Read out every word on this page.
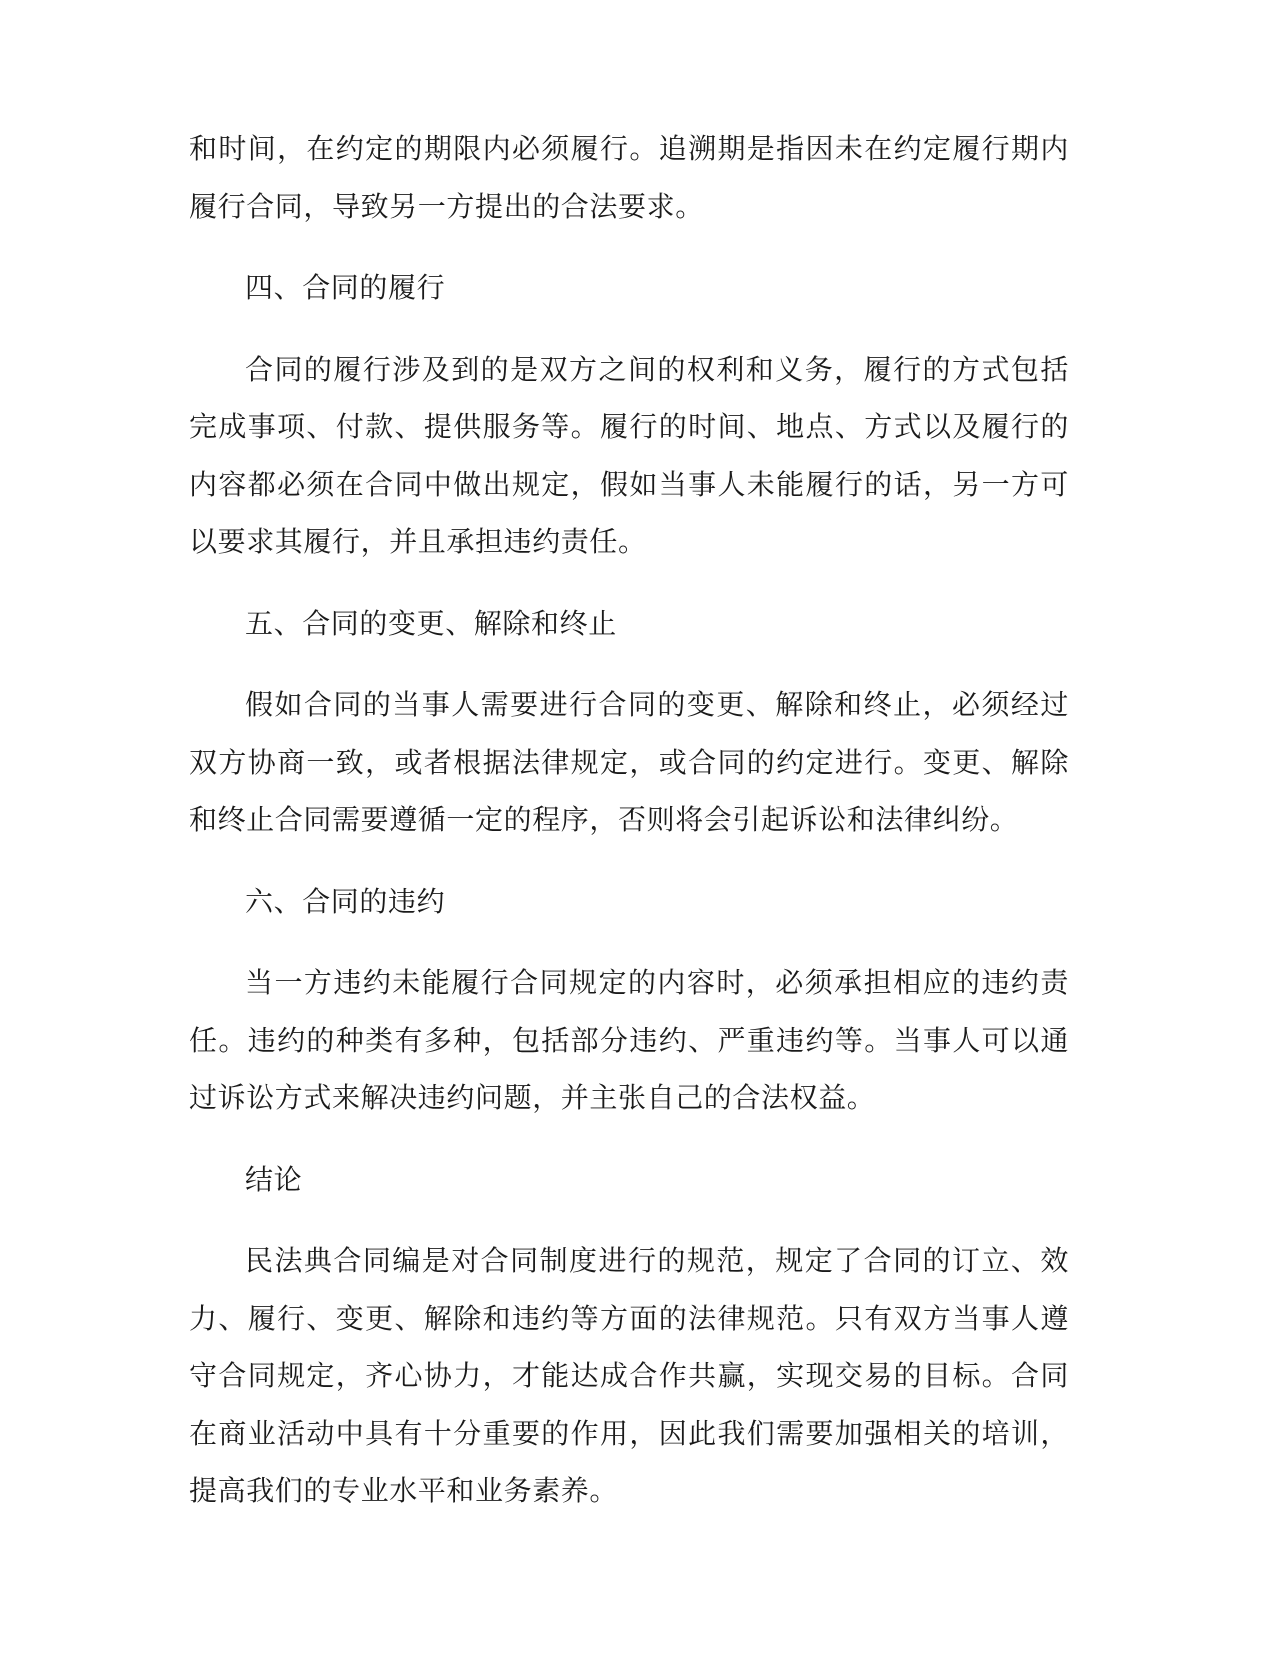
和时间，在约定的期限内必须履行。追溯期是指因未在约定履行期内履行合同，导致另一方提出的合法要求。

四、合同的履行

合同的履行涉及到的是双方之间的权利和义务，履行的方式包括完成事项、付款、提供服务等。履行的时间、地点、方式以及履行的内容都必须在合同中做出规定，假如当事人未能履行的话，另一方可以要求其履行，并且承担违约责任。

五、合同的变更、解除和终止

假如合同的当事人需要进行合同的变更、解除和终止，必须经过双方协商一致，或者根据法律规定，或合同的约定进行。变更、解除和终止合同需要遵循一定的程序，否则将会引起诉讼和法律纠纷。

六、合同的违约

当一方违约未能履行合同规定的内容时，必须承担相应的违约责任。违约的种类有多种，包括部分违约、严重违约等。当事人可以通过诉讼方式来解决违约问题，并主张自己的合法权益。

结论

民法典合同编是对合同制度进行的规范，规定了合同的订立、效力、履行、变更、解除和违约等方面的法律规范。只有双方当事人遵守合同规定，齐心协力，才能达成合作共赢，实现交易的目标。合同在商业活动中具有十分重要的作用，因此我们需要加强相关的培训，提高我们的专业水平和业务素养。
